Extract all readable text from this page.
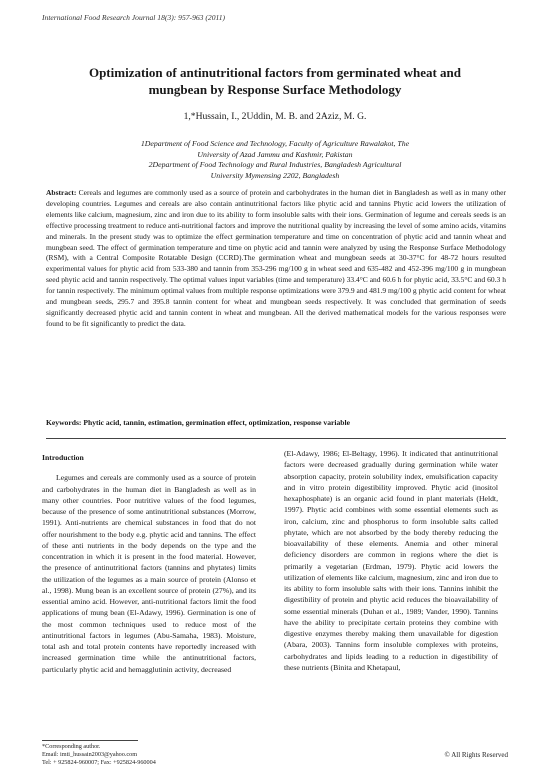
International Food Research Journal 18(3): 957-963 (2011)
Optimization of antinutritional factors from germinated wheat and
mungbean by Response Surface Methodology
1,*Hussain, I., 2Uddin, M. B. and 2Aziz, M. G.
1Department of Food Science and Technology, Faculty of Agriculture Rawalakot, The
University of Azad Jammu and Kashmir, Pakistan
2Department of Food Technology and Rural Industries, Bangladesh Agricultural
University Mymensing 2202, Bangladesh
Abstract: Cereals and legumes are commonly used as a source of protein and carbohydrates in the human diet in Bangladesh as well as in many other developing countries. Legumes and cereals are also contain antinutritional factors like phytic acid and tannins Phytic acid lowers the utilization of elements like calcium, magnesium, zinc and iron due to its ability to form insoluble salts with their ions. Germination of legume and cereals seeds is an effective processing treatment to reduce anti-nutritional factors and improve the nutritional quality by increasing the level of some amino acids, vitamins and minerals. In the present study was to optimize the effect germination temperature and time on concentration of phytic acid and tannin wheat and mungbean seed. The effect of germination temperature and time on phytic acid and tannin were analyzed by using the Response Surface Methodology (RSM), with a Central Composite Rotatable Design (CCRD).The germination wheat and mungbean seeds at 30-37°C for 48-72 hours resulted experimental values for phytic acid from 533-380 and tannin from 353-296 mg/100 g in wheat seed and 635-482 and 452-396 mg/100 g in mungbean seed phytic acid and tannin respectively. The optimal values input variables (time and temperature) 33.4°C and 60.6 h for phytic acid, 33.5°C and 60.3 h for tannin respectively. The minimum optimal values from multiple response optimizations were 379.9 and 481.9 mg/100 g phytic acid content for wheat and mungbean seeds, 295.7 and 395.8 tannin content for wheat and mungbean seeds respectively. It was concluded that germination of seeds significantly decreased phytic acid and tannin content in wheat and mungbean. All the derived mathematical models for the various responses were found to be fit significantly to predict the data.
Keywords: Phytic acid, tannin, estimation, germination effect, optimization, response variable

Introduction

Legumes and cereals are commonly used as a source of protein and carbohydrates in the human diet in Bangladesh as well as in many other countries. Poor nutritive values of the food legumes, because of the presence of some antinutritional substances (Morrow, 1991). Anti-nutrients are chemical substances in food that do not offer nourishment to the body e.g. phytic acid and tannins. The effect of these anti nutrients in the body depends on the type and the concentration in which it is present in the food material. However, the presence of antinutritional factors (tannins and phytates) limits the utilization of the legumes as a main source of protein (Alonso et al., 1998). Mung bean is an excellent source of protein (27%), and its essential amino acid. However, anti-nutritional factors limit the food applications of mung bean (El-Adawy, 1996). Germination is one of the most common techniques used to reduce most of the antinutritional factors in legumes (Abu-Samaha, 1983). Moisture, total ash and total protein contents have reportedly increased with increased germination time while the antinutritional factors, particularly phytic acid and hemagglutinin activity, decreased

(El-Adawy, 1986; El-Beltagy, 1996). It indicated that antinutritional factors were decreased gradually during germination while water absorption capacity, protein solubility index, emulsification capacity and in vitro protein digestibility improved. Phytic acid (inositol hexaphosphate) is an organic acid found in plant materials (Heldt, 1997). Phytic acid combines with some essential elements such as iron, calcium, zinc and phosphorus to form insoluble salts called phytate, which are not absorbed by the body thereby reducing the bioavailability of these elements. Anemia and other mineral deficiency disorders are common in regions where the diet is primarily a vegetarian (Erdman, 1979). Phytic acid lowers the utilization of elements like calcium, magnesium, zinc and iron due to its ability to form insoluble salts with their ions. Tannins inhibit the digestibility of protein and phytic acid reduces the bioavailability of some essential minerals (Duhan et al., 1989; Vander, 1990). Tannins have the ability to precipitate certain proteins they combine with digestive enzymes thereby making them unavailable for digestion (Abara, 2003). Tannins form insoluble complexes with proteins, carbohydrates and lipids leading to a reduction in digestibility of these nutrients (Binita and Khetapaul,

*Corresponding author.
Email: imti_hussain2003@yahoo.com
Tel: + 925824-960007; Fax: +925824-960004
© All Rights Reserved
